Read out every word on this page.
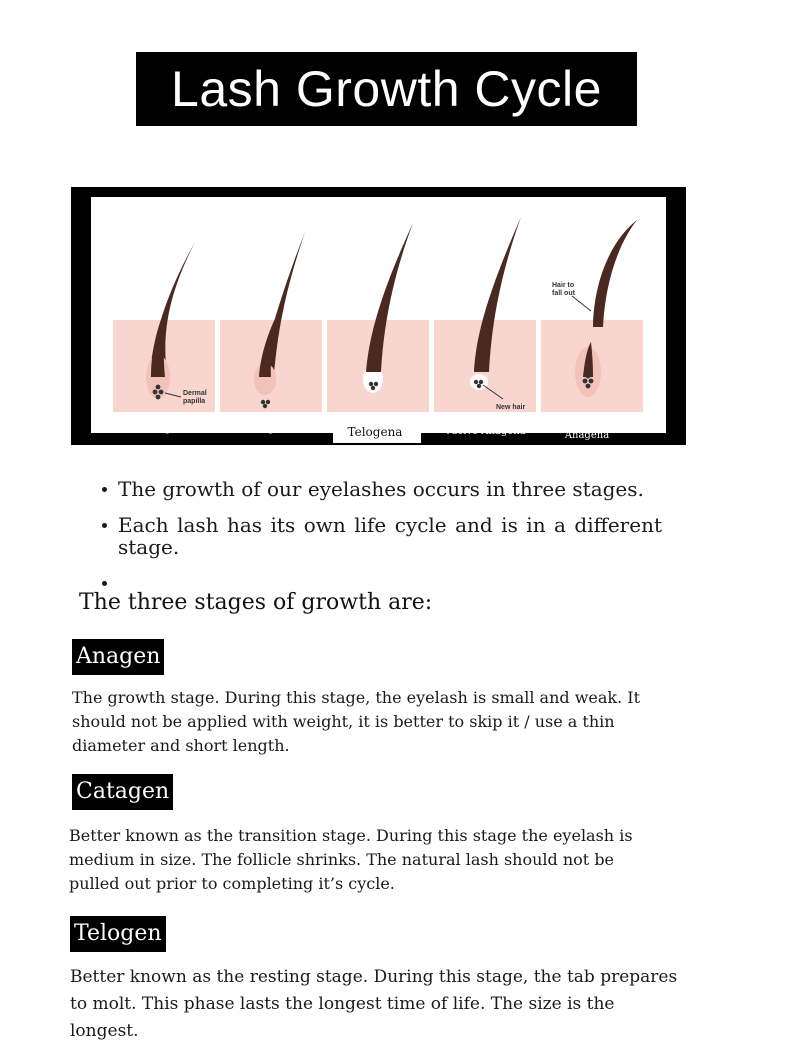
Lash Growth Cycle
Dermal papilla
New hair
Hair to fall out
Anagena	Catagena	Telogena	Vuelve Anagena
Temparana Anagena
The growth of our eyelashes occurs in three stages.
Each lash has its own life cycle and is in a different stage.
The three stages of growth are:
Anagen
The growth stage. During this stage, the eyelash is small and weak. It should not be applied with weight, it is better to skip it / use a thin diameter and short length.
Catagen
Better known as the transition stage. During this stage the eyelash is medium in size. The follicle shrinks. The natural lash should not be pulled out prior to completing it’s cycle.
Telogen
Better known as the resting stage. During this stage, the tab prepares to molt. This phase lasts the longest time of life. The size is the longest.
